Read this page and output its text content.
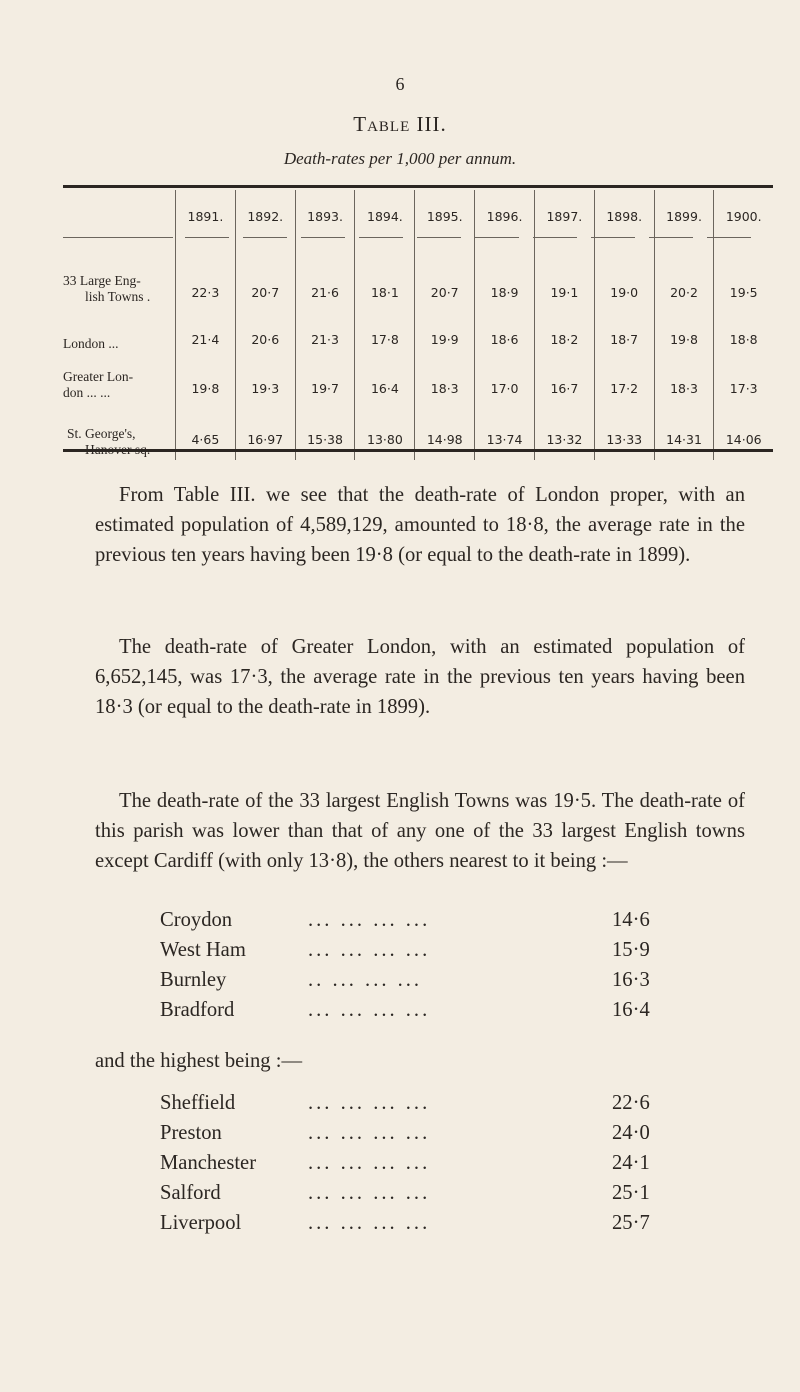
6
Table III.
Death-rates per 1,000 per annum.
	1891.	1892.	1893.	1894.	1895.	1896.	1897.	1898.	1899.	1900.
33 Large Eng-
lish Towns .	22·3	20·7	21·6	18·1	20·7	18·9	19·1	19·0	20·2	19·5
London ...	21·4	20·6	21·3	17·8	19·9	18·6	18·2	18·7	19·8	18·8
Greater Lon-
don ... ...	19·8	19·3	19·7	16·4	18·3	17·0	16·7	17·2	18·3	17·3
St. George's,	4·65	16·97	15·38	13·80	14·98	13·74	13·32	13·33	14·31	14·06
From Table III. we see that the death-rate of London proper, with an estimated population of 4,589,129, amounted to 18·8, the average rate in the previous ten years having been 19·8 (or equal to the death-rate in 1899).
The death-rate of Greater London, with an estimated population of 6,652,145, was 17·3, the average rate in the previous ten years having been 18·3 (or equal to the death-rate in 1899).
The death-rate of the 33 largest English Towns was 19·5. The death-rate of this parish was lower than that of any one of the 33 largest English towns except Cardiff (with only 13·8), the others nearest to it being :—
Croydon	... ... ... ...	14·6
West Ham	... ... ... ...	15·9
Burnley	.. ... ... ...	16·3
Bradford	... ... ... ...	16·4
and the highest being :—
Sheffield	... ... ... ...	22·6
Preston	... ... ... ...	24·0
Manchester	... ... ... ...	24·1
Salford	... ... ... ...	25·1
Liverpool	... ... ... ...	25·7
